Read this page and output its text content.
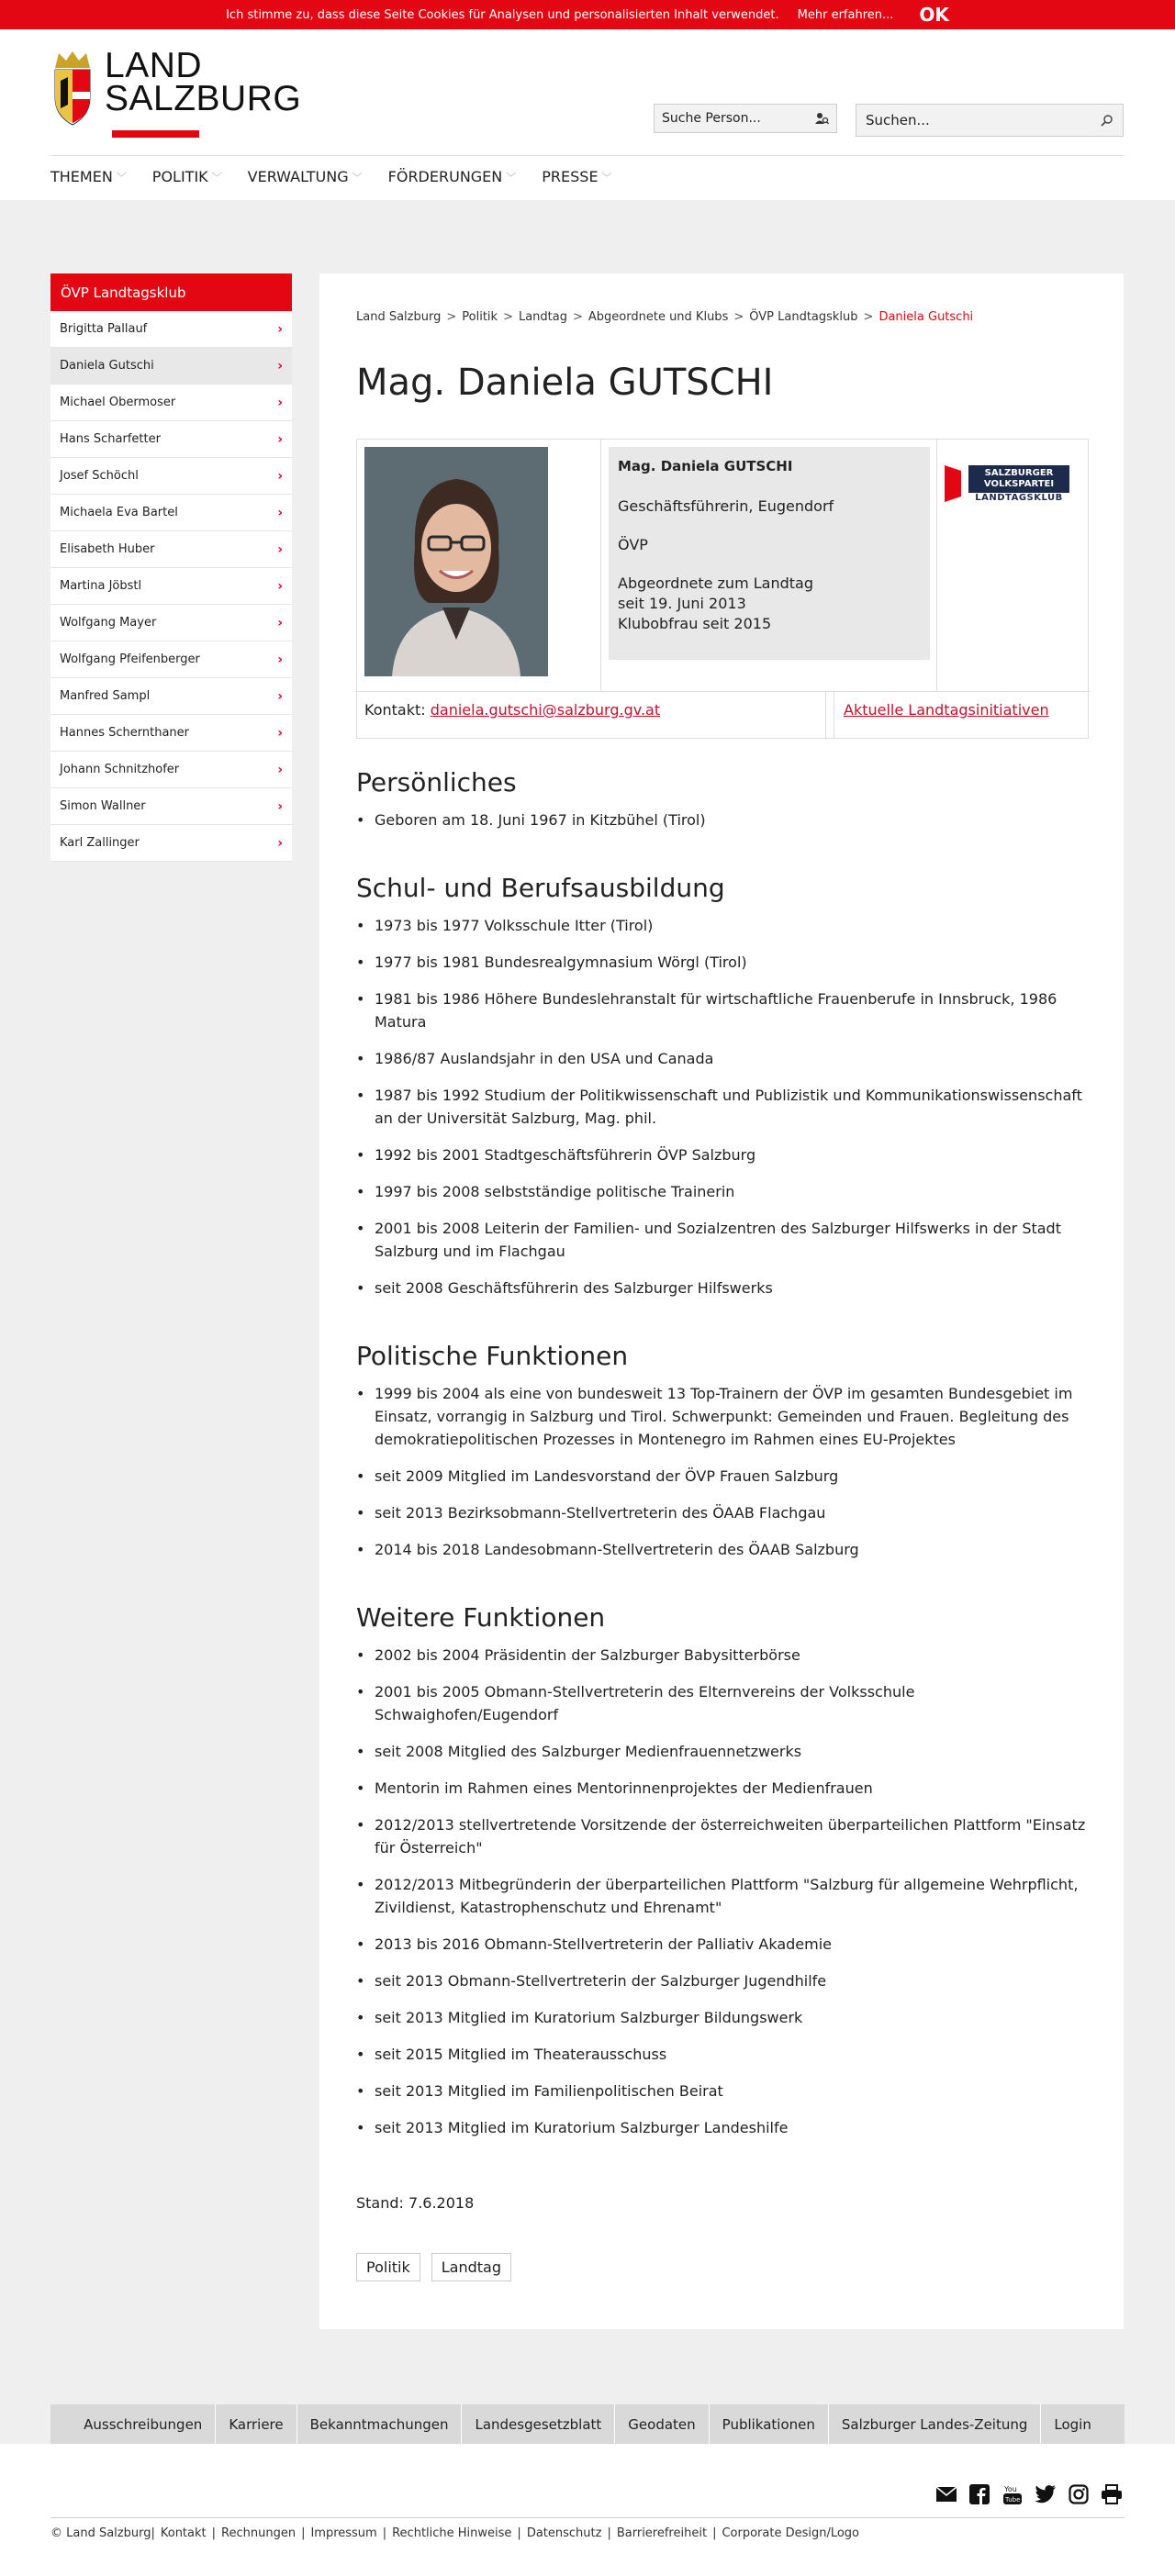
Ich stimme zu, dass diese Seite Cookies für Analysen und personalisierten Inhalt verwendet. Mehr erfahren... OK
LAND
SALZBURG	Suche Person...	Suchen...
THEMEN ﹀ POLITIK ﹀ VERWALTUNG ﹀ FÖRDERUNGEN ﹀ PRESSE ﹀
ÖVP Landtagsklub
Brigitta Pallauf	›
Daniela Gutschi	›
Michael Obermoser	›
Hans Scharfetter	›
Josef Schöchl	›
Michaela Eva Bartel	›
Elisabeth Huber	›
Martina Jöbstl	›
Wolfgang Mayer	›
Wolfgang Pfeifenberger	›
Manfred Sampl	›
Hannes Schernthaner	›
Johann Schnitzhofer	›
Simon Wallner	›
Karl Zallinger	›
Land Salzburg > Politik > Landtag > Abgeordnete und Klubs > ÖVP Landtagsklub > Daniela Gutschi
Mag. Daniela GUTSCHI

Mag. Daniela GUTSCHI

Geschäftsführerin, Eugendorf

ÖVP

Abgeordnete zum Landtag
seit 19. Juni 2013
Klubobfrau seit 2015
SALZBURGER
VOLKSPARTEI
LANDTAGSKLUB
Kontakt: daniela.gutschi@salzburg.gv.at	Aktuelle Landtagsinitiativen
Persönliches
• Geboren am 18. Juni 1967 in Kitzbühel (Tirol)
Schul- und Berufsausbildung
• 1973 bis 1977 Volksschule Itter (Tirol)
• 1977 bis 1981 Bundesrealgymnasium Wörgl (Tirol)
• 1981 bis 1986 Höhere Bundeslehranstalt für wirtschaftliche Frauenberufe in Innsbruck, 1986 Matura
• 1986/87 Auslandsjahr in den USA und Canada
• 1987 bis 1992 Studium der Politikwissenschaft und Publizistik und Kommunikationswissenschaft an der Universität Salzburg, Mag. phil.
• 1992 bis 2001 Stadtgeschäftsführerin ÖVP Salzburg
• 1997 bis 2008 selbstständige politische Trainerin
• 2001 bis 2008 Leiterin der Familien- und Sozialzentren des Salzburger Hilfswerks in der Stadt Salzburg und im Flachgau
• seit 2008 Geschäftsführerin des Salzburger Hilfswerks
Politische Funktionen
• 1999 bis 2004 als eine von bundesweit 13 Top-Trainern der ÖVP im gesamten Bundesgebiet im Einsatz, vorrangig in Salzburg und Tirol. Schwerpunkt: Gemeinden und Frauen. Begleitung des demokratiepolitischen Prozesses in Montenegro im Rahmen eines EU-Projektes
• seit 2009 Mitglied im Landesvorstand der ÖVP Frauen Salzburg
• seit 2013 Bezirksobmann-Stellvertreterin des ÖAAB Flachgau
• 2014 bis 2018 Landesobmann-Stellvertreterin des ÖAAB Salzburg
Weitere Funktionen
• 2002 bis 2004 Präsidentin der Salzburger Babysitterbörse
• 2001 bis 2005 Obmann-Stellvertreterin des Elternvereins der Volksschule Schwaighofen/Eugendorf
• seit 2008 Mitglied des Salzburger Medienfrauennetzwerks
• Mentorin im Rahmen eines Mentorinnenprojektes der Medienfrauen
• 2012/2013 stellvertretende Vorsitzende der österreichweiten überparteilichen Plattform "Einsatz für Österreich"
• 2012/2013 Mitbegründerin der überparteilichen Plattform "Salzburg für allgemeine Wehrpflicht, Zivildienst, Katastrophenschutz und Ehrenamt"
• 2013 bis 2016 Obmann-Stellvertreterin der Palliativ Akademie
• seit 2013 Obmann-Stellvertreterin der Salzburger Jugendhilfe
• seit 2013 Mitglied im Kuratorium Salzburger Bildungswerk
• seit 2015 Mitglied im Theaterausschuss
• seit 2013 Mitglied im Familienpolitischen Beirat
• seit 2013 Mitglied im Kuratorium Salzburger Landeshilfe
Stand: 7.6.2018
Politik	Landtag
Ausschreibungen	Karriere	Bekanntmachungen	Landesgesetzblatt	Geodaten	Publikationen	Salzburger Landes-Zeitung	Login
You
Tube
© Land Salzburg| Kontakt | Rechnungen | Impressum | Rechtliche Hinweise | Datenschutz | Barrierefreiheit | Corporate Design/Logo
